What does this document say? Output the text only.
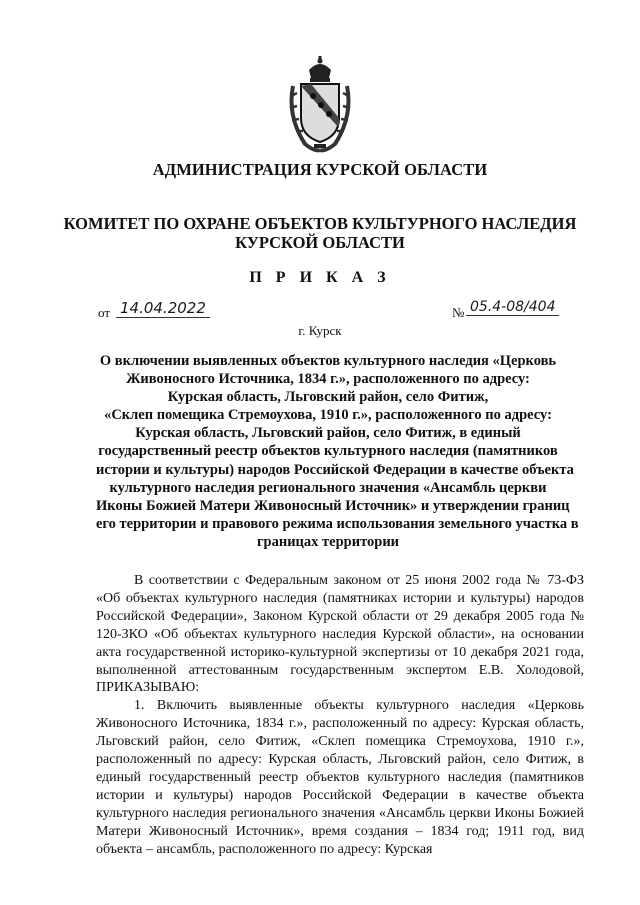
АДМИНИСТРАЦИЯ КУРСКОЙ ОБЛАСТИ
КОМИТЕТ ПО ОХРАНЕ ОБЪЕКТОВ КУЛЬТУРНОГО НАСЛЕДИЯ
КУРСКОЙ ОБЛАСТИ
П Р И К А З
от 14.04.2022	№ 05.4-08/404
г. Курск
О включении выявленных объектов культурного наследия «Церковь
Живоносного Источника, 1834 г.», расположенного по адресу:
Курская область, Льговский район, село Фитиж,
«Склеп помещика Стремоухова, 1910 г.», расположенного по адресу:
Курская область, Льговский район, село Фитиж, в единый
государственный реестр объектов культурного наследия (памятников
истории и культуры) народов Российской Федерации в качестве объекта
культурного наследия регионального значения «Ансамбль церкви
Иконы Божией Матери Живоносный Источник» и утверждении границ
его территории и правового режима использования земельного участка в
границах территории

В соответствии с Федеральным законом от 25 июня 2002 года № 73-ФЗ «Об объектах культурного наследия (памятниках истории и культуры) народов Российской Федерации», Законом Курской области от 29 декабря 2005 года № 120-ЗКО «Об объектах культурного наследия Курской области», на основании акта государственной историко-культурной экспертизы от 10 декабря 2021 года, выполненной аттестованным государственным экспертом Е.В. Холодовой, ПРИКАЗЫВАЮ:

1. Включить выявленные объекты культурного наследия «Церковь Живоносного Источника, 1834 г.», расположенный по адресу: Курская область, Льговский район, село Фитиж, «Склеп помещика Стремоухова, 1910 г.», расположенный по адресу: Курская область, Льговский район, село Фитиж, в единый государственный реестр объектов культурного наследия (памятников истории и культуры) народов Российской Федерации в качестве объекта культурного наследия регионального значения «Ансамбль церкви Иконы Божией Матери Живоносный Источник», время создания – 1834 год; 1911 год, вид объекта – ансамбль, расположенного по адресу: Курская
